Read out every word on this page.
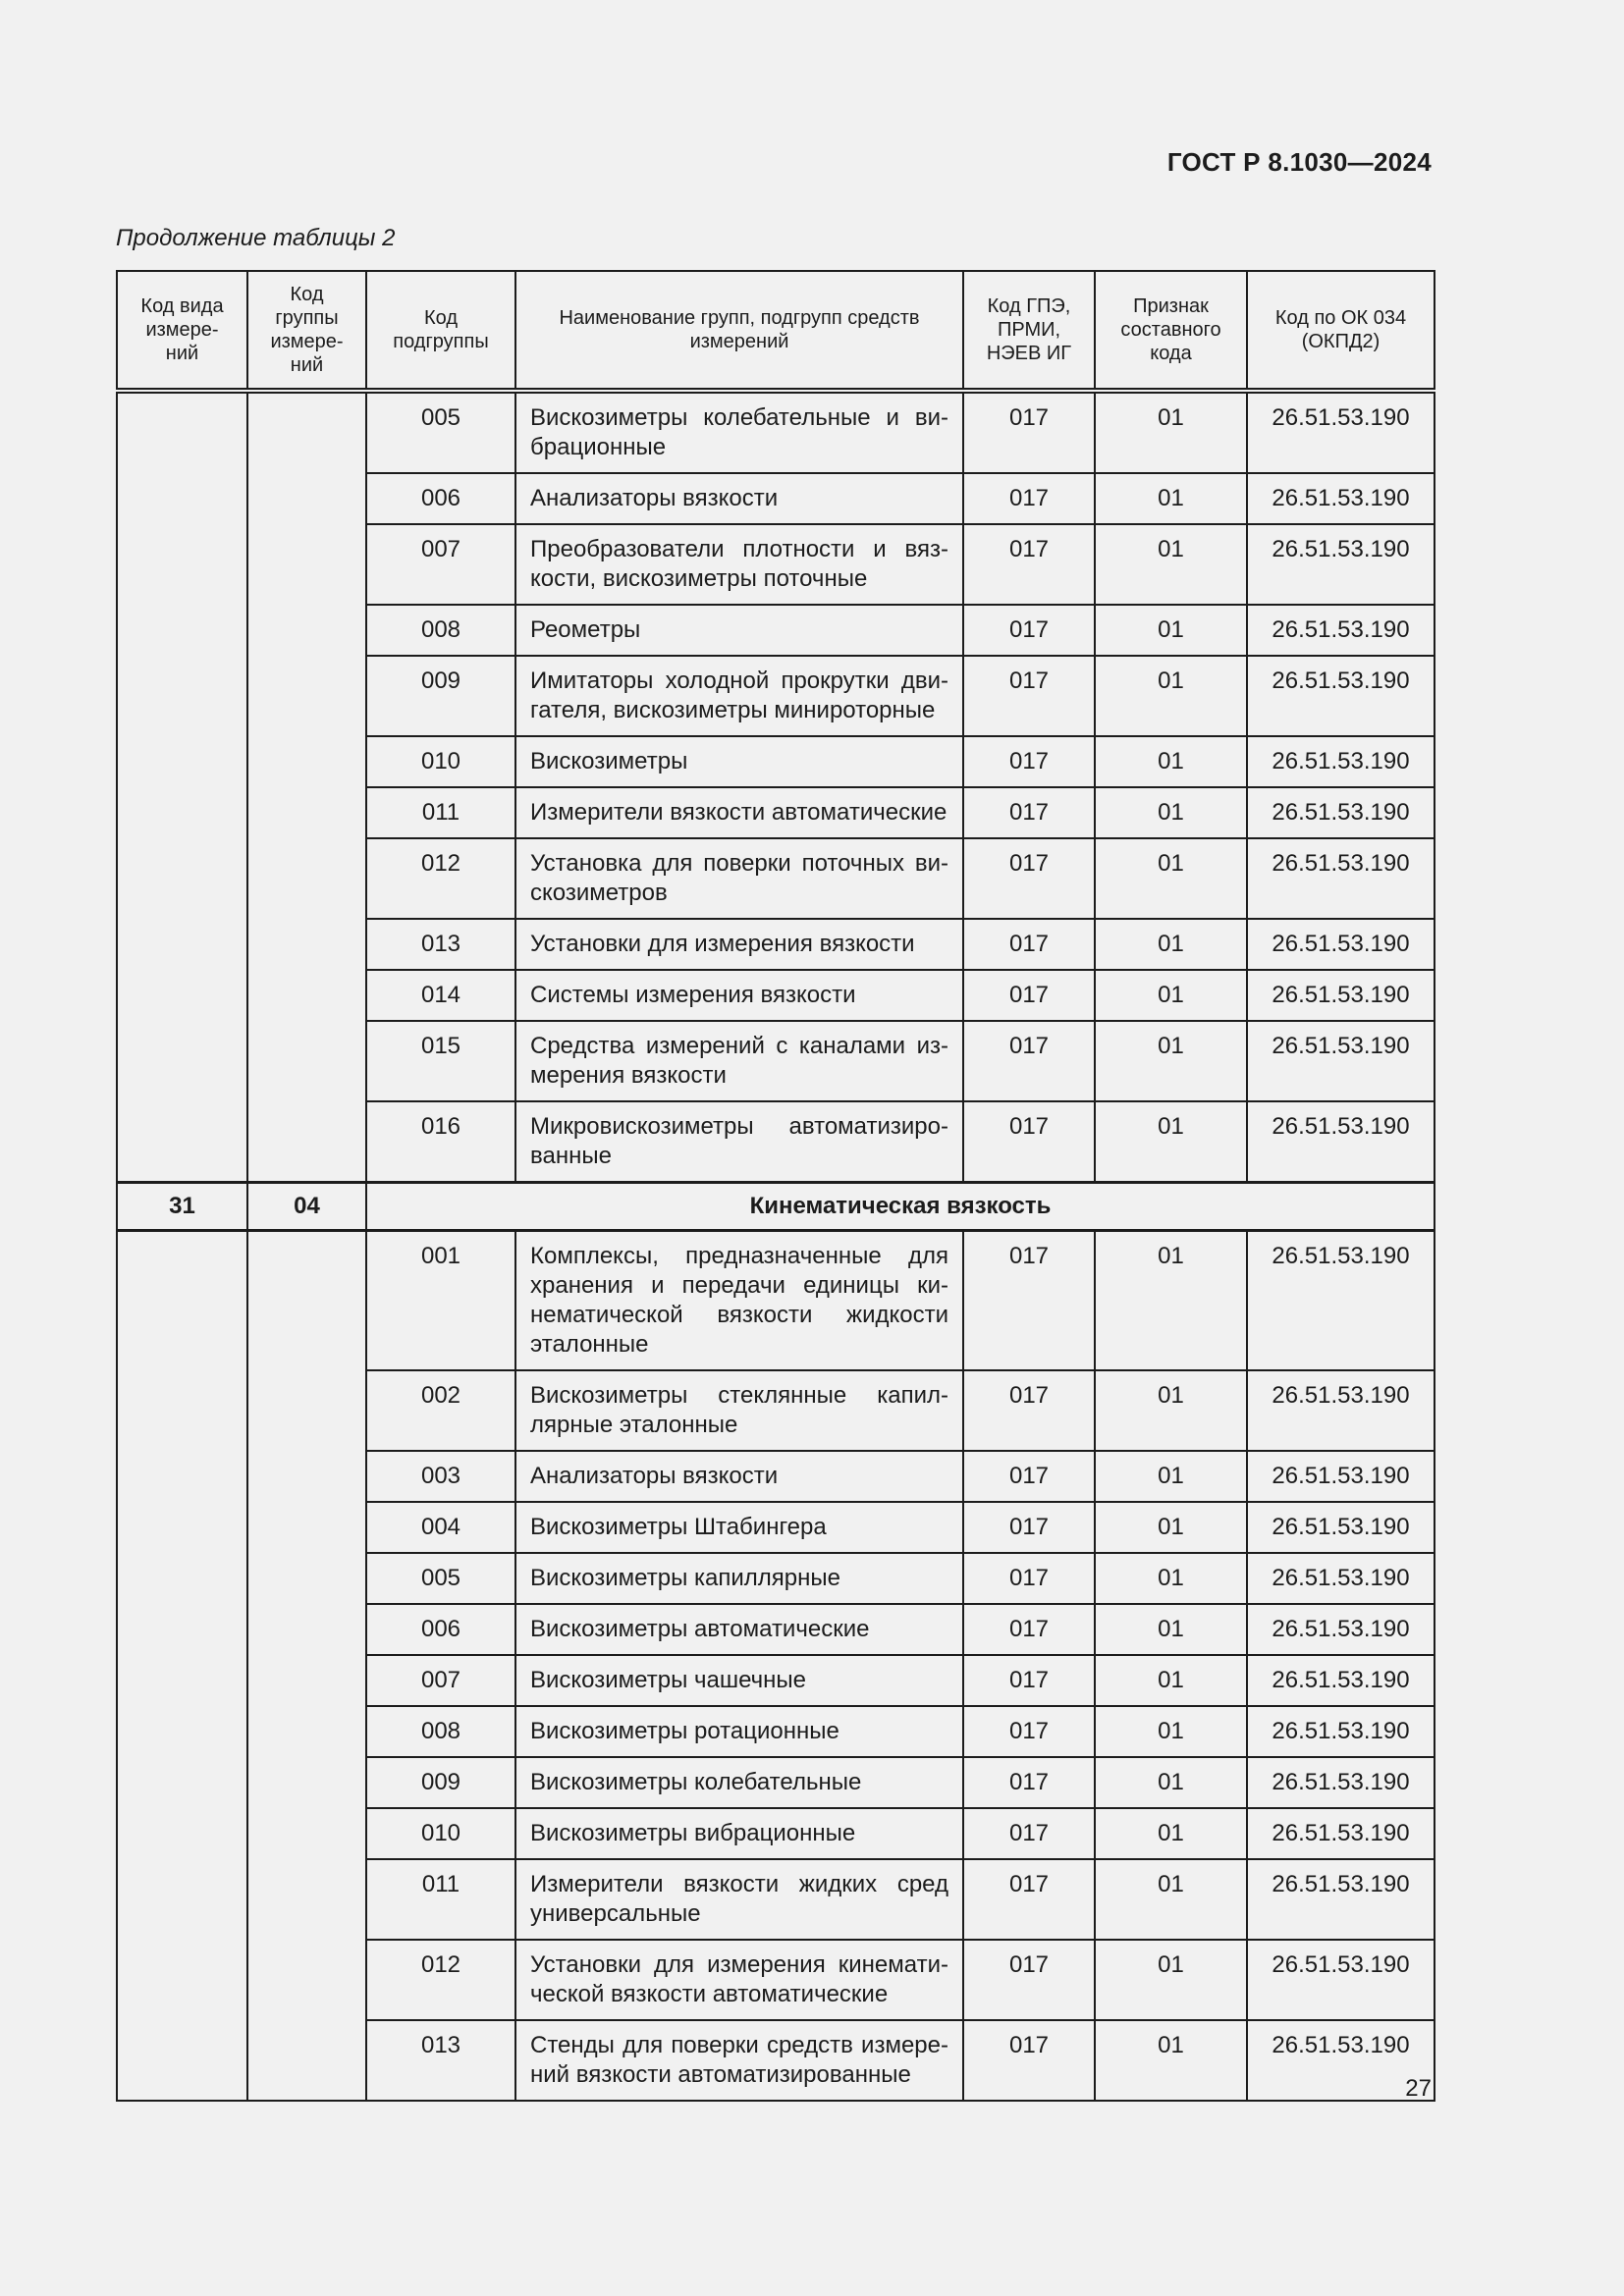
ГОСТ Р 8.1030—2024
Продолжение таблицы 2
Код вида
измере-
ний	Код
группы
измере-
ний	Код
подгруппы	Наименование групп, подгрупп средств
измерений	Код ГПЭ,
ПРМИ,
НЭЕВ ИГ	Признак
составного
кода	Код по ОК 034
(ОКПД2)
		005	Вискозиметры колебательные и ви-брационные	017	01	26.51.53.190
		006	Анализаторы вязкости	017	01	26.51.53.190
		007	Преобразователи плотности и вяз-кости, вискозиметры поточные	017	01	26.51.53.190
		008	Реометры	017	01	26.51.53.190
		009	Имитаторы холодной прокрутки дви-гателя, вискозиметры минироторные	017	01	26.51.53.190
		010	Вискозиметры	017	01	26.51.53.190
		011	Измерители вязкости автоматические	017	01	26.51.53.190
		012	Установка для поверки поточных ви-скозиметров	017	01	26.51.53.190
		013	Установки для измерения вязкости	017	01	26.51.53.190
		014	Системы измерения вязкости	017	01	26.51.53.190
		015	Средства измерений с каналами из-мерения вязкости	017	01	26.51.53.190
		016	Микровискозиметры автоматизиро-ванные	017	01	26.51.53.190
31	04	Кинематическая вязкость				
		001	Комплексы, предназначенные для хранения и передачи единицы ки-нематической вязкости жидкости эталонные	017	01	26.51.53.190
		002	Вискозиметры стеклянные капил-лярные эталонные	017	01	26.51.53.190
		003	Анализаторы вязкости	017	01	26.51.53.190
		004	Вискозиметры Штабингера	017	01	26.51.53.190
		005	Вискозиметры капиллярные	017	01	26.51.53.190
		006	Вискозиметры автоматические	017	01	26.51.53.190
		007	Вискозиметры чашечные	017	01	26.51.53.190
		008	Вискозиметры ротационные	017	01	26.51.53.190
		009	Вискозиметры колебательные	017	01	26.51.53.190
		010	Вискозиметры вибрационные	017	01	26.51.53.190
		011	Измерители вязкости жидких сред универсальные	017	01	26.51.53.190
		012	Установки для измерения кинемати-ческой вязкости автоматические	017	01	26.51.53.190
		013	Стенды для поверки средств измере-ний вязкости автоматизированные	017	01	26.51.53.190
27
